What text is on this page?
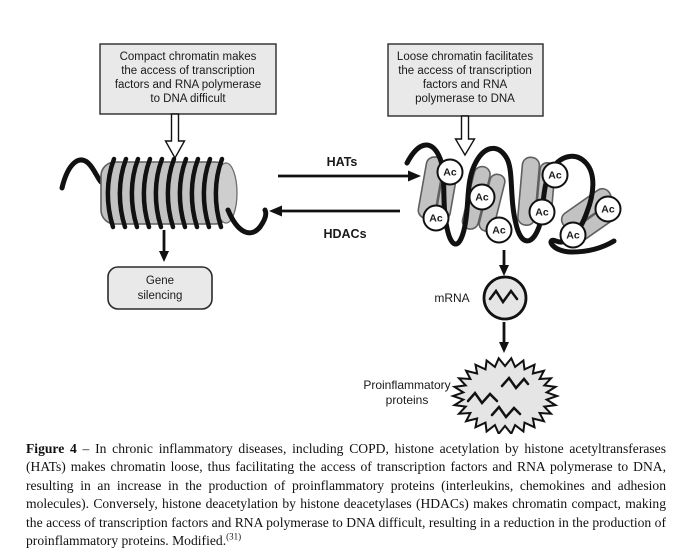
Compact chromatin makes
the access of transcription
factors and RNA polymerase
to DNA difficult
Loose chromatin facilitates
the access of transcription
factors and RNA
polymerase to DNA
HATs
HDACs
Gene
silencing
Ac
Ac
Ac
Ac
Ac
Ac
Ac
Ac
mRNA
Proinflammatory
proteins

Figure 4 – In chronic inflammatory diseases, including COPD, histone acetylation by histone acetyltransferases (HATs) makes chromatin loose, thus facilitating the access of transcription factors and RNA polymerase to DNA, resulting in an increase in the production of proinflammatory proteins (interleukins, chemokines and adhesion molecules). Conversely, histone deacetylation by histone deacetylases (HDACs) makes chromatin compact, making the access of transcription factors and RNA polymerase to DNA difficult, resulting in a reduction in the production of proinflammatory proteins. Modified.$^{(31)}$
